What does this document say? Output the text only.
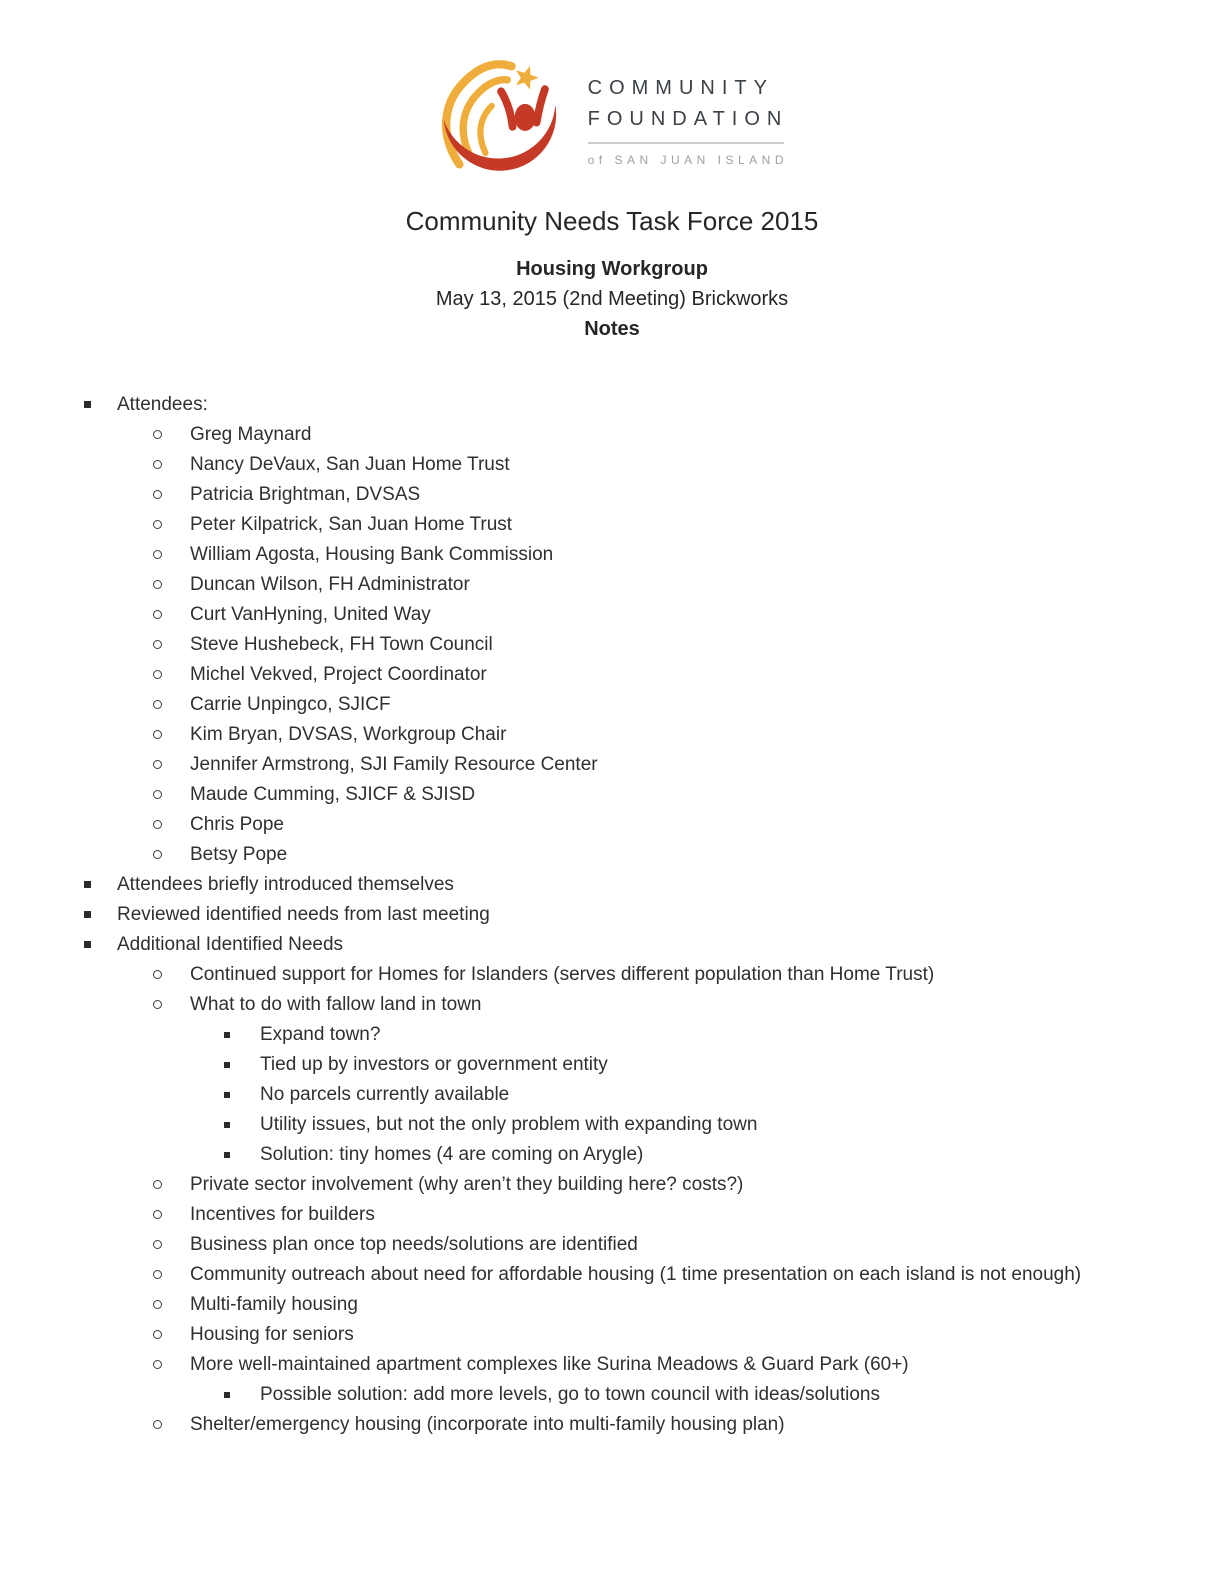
COMMUNITY
FOUNDATION
of SAN JUAN ISLAND
Community Needs Task Force 2015
Housing Workgroup
May 13, 2015 (2nd Meeting) Brickworks
Notes
Attendees:
Greg Maynard
Nancy DeVaux, San Juan Home Trust
Patricia Brightman, DVSAS
Peter Kilpatrick, San Juan Home Trust
William Agosta, Housing Bank Commission
Duncan Wilson, FH Administrator
Curt VanHyning, United Way
Steve Hushebeck, FH Town Council
Michel Vekved, Project Coordinator
Carrie Unpingco, SJICF
Kim Bryan, DVSAS, Workgroup Chair
Jennifer Armstrong, SJI Family Resource Center
Maude Cumming, SJICF & SJISD
Chris Pope
Betsy Pope
Attendees briefly introduced themselves
Reviewed identified needs from last meeting
Additional Identified Needs
Continued support for Homes for Islanders (serves different population than Home Trust)
What to do with fallow land in town
Expand town?
Tied up by investors or government entity
No parcels currently available
Utility issues, but not the only problem with expanding town
Solution: tiny homes (4 are coming on Arygle)
Private sector involvement (why aren’t they building here? costs?)
Incentives for builders
Business plan once top needs/solutions are identified
Community outreach about need for affordable housing (1 time presentation on each island is not enough)
Multi-family housing
Housing for seniors
More well-maintained apartment complexes like Surina Meadows & Guard Park (60+)
Possible solution: add more levels, go to town council with ideas/solutions
Shelter/emergency housing (incorporate into multi-family housing plan)
